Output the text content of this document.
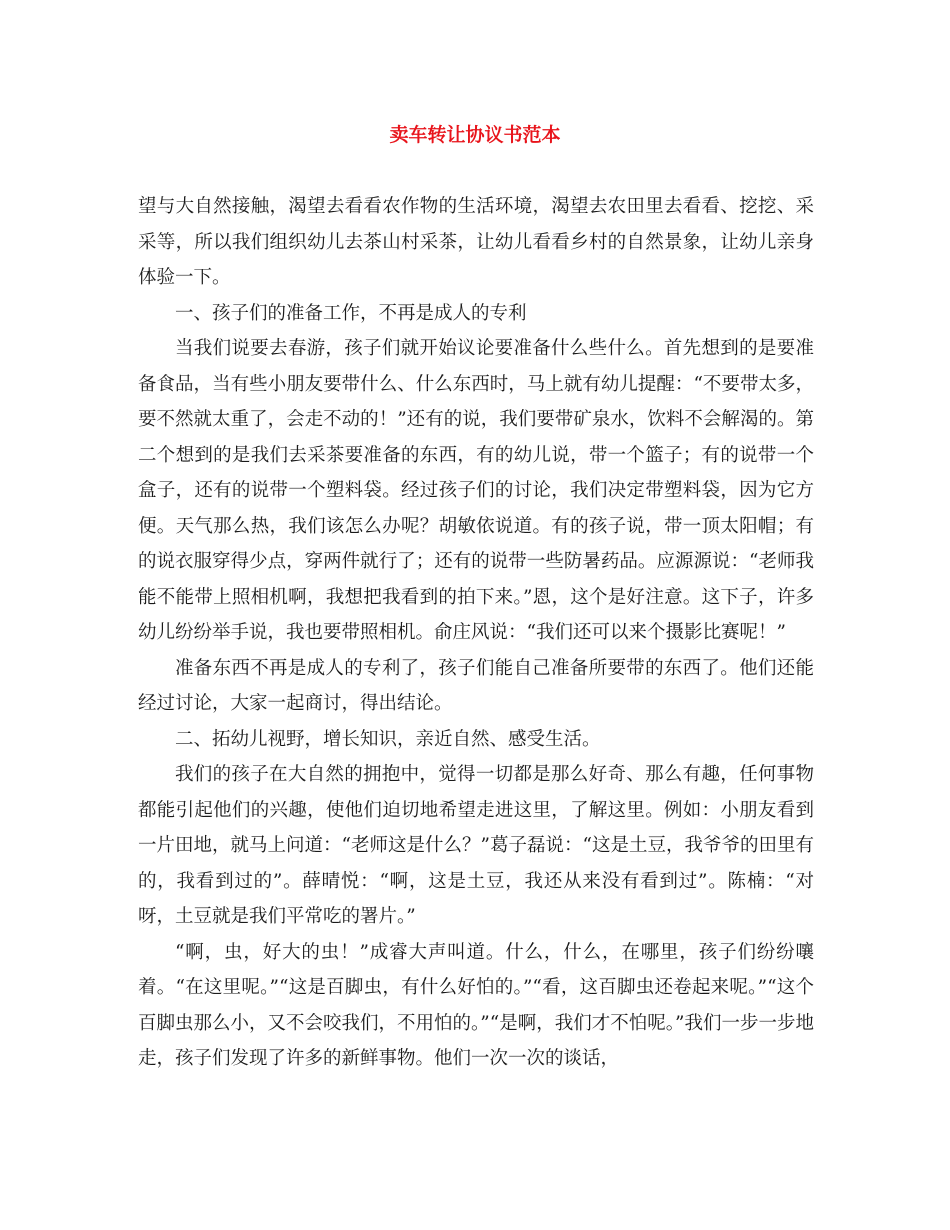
卖车转让协议书范本

望与大自然接触，渴望去看看农作物的生活环境，渴望去农田里去看看、挖挖、采采等，所以我们组织幼儿去茶山村采茶，让幼儿看看乡村的自然景象，让幼儿亲身体验一下。

一、孩子们的准备工作，不再是成人的专利

当我们说要去春游，孩子们就开始议论要准备什么些什么。首先想到的是要准备食品，当有些小朋友要带什么、什么东西时，马上就有幼儿提醒：“不要带太多，要不然就太重了，会走不动的！”还有的说，我们要带矿泉水，饮料不会解渴的。第二个想到的是我们去采茶要准备的东西，有的幼儿说，带一个篮子；有的说带一个盒子，还有的说带一个塑料袋。经过孩子们的讨论，我们决定带塑料袋，因为它方便。天气那么热，我们该怎么办呢？胡敏依说道。有的孩子说，带一顶太阳帽；有的说衣服穿得少点，穿两件就行了；还有的说带一些防暑药品。应源源说：“老师我能不能带上照相机啊，我想把我看到的拍下来。”恩，这个是好注意。这下子，许多幼儿纷纷举手说，我也要带照相机。俞庄风说：“我们还可以来个摄影比赛呢！”

准备东西不再是成人的专利了，孩子们能自己准备所要带的东西了。他们还能经过讨论，大家一起商讨，得出结论。

二、拓幼儿视野，增长知识，亲近自然、感受生活。

我们的孩子在大自然的拥抱中，觉得一切都是那么好奇、那么有趣，任何事物都能引起他们的兴趣，使他们迫切地希望走进这里，了解这里。例如：小朋友看到一片田地，就马上问道：“老师这是什么？”葛子磊说：“这是土豆，我爷爷的田里有的，我看到过的”。薛晴悦：“啊，这是土豆，我还从来没有看到过”。陈楠：“对呀，土豆就是我们平常吃的署片。”

“啊，虫，好大的虫！”成睿大声叫道。什么，什么，在哪里，孩子们纷纷嚷着。“在这里呢。”“这是百脚虫，有什么好怕的。”“看，这百脚虫还卷起来呢。”“这个百脚虫那么小，又不会咬我们，不用怕的。”“是啊，我们才不怕呢。”我们一步一步地走，孩子们发现了许多的新鲜事物。他们一次一次的谈话，
